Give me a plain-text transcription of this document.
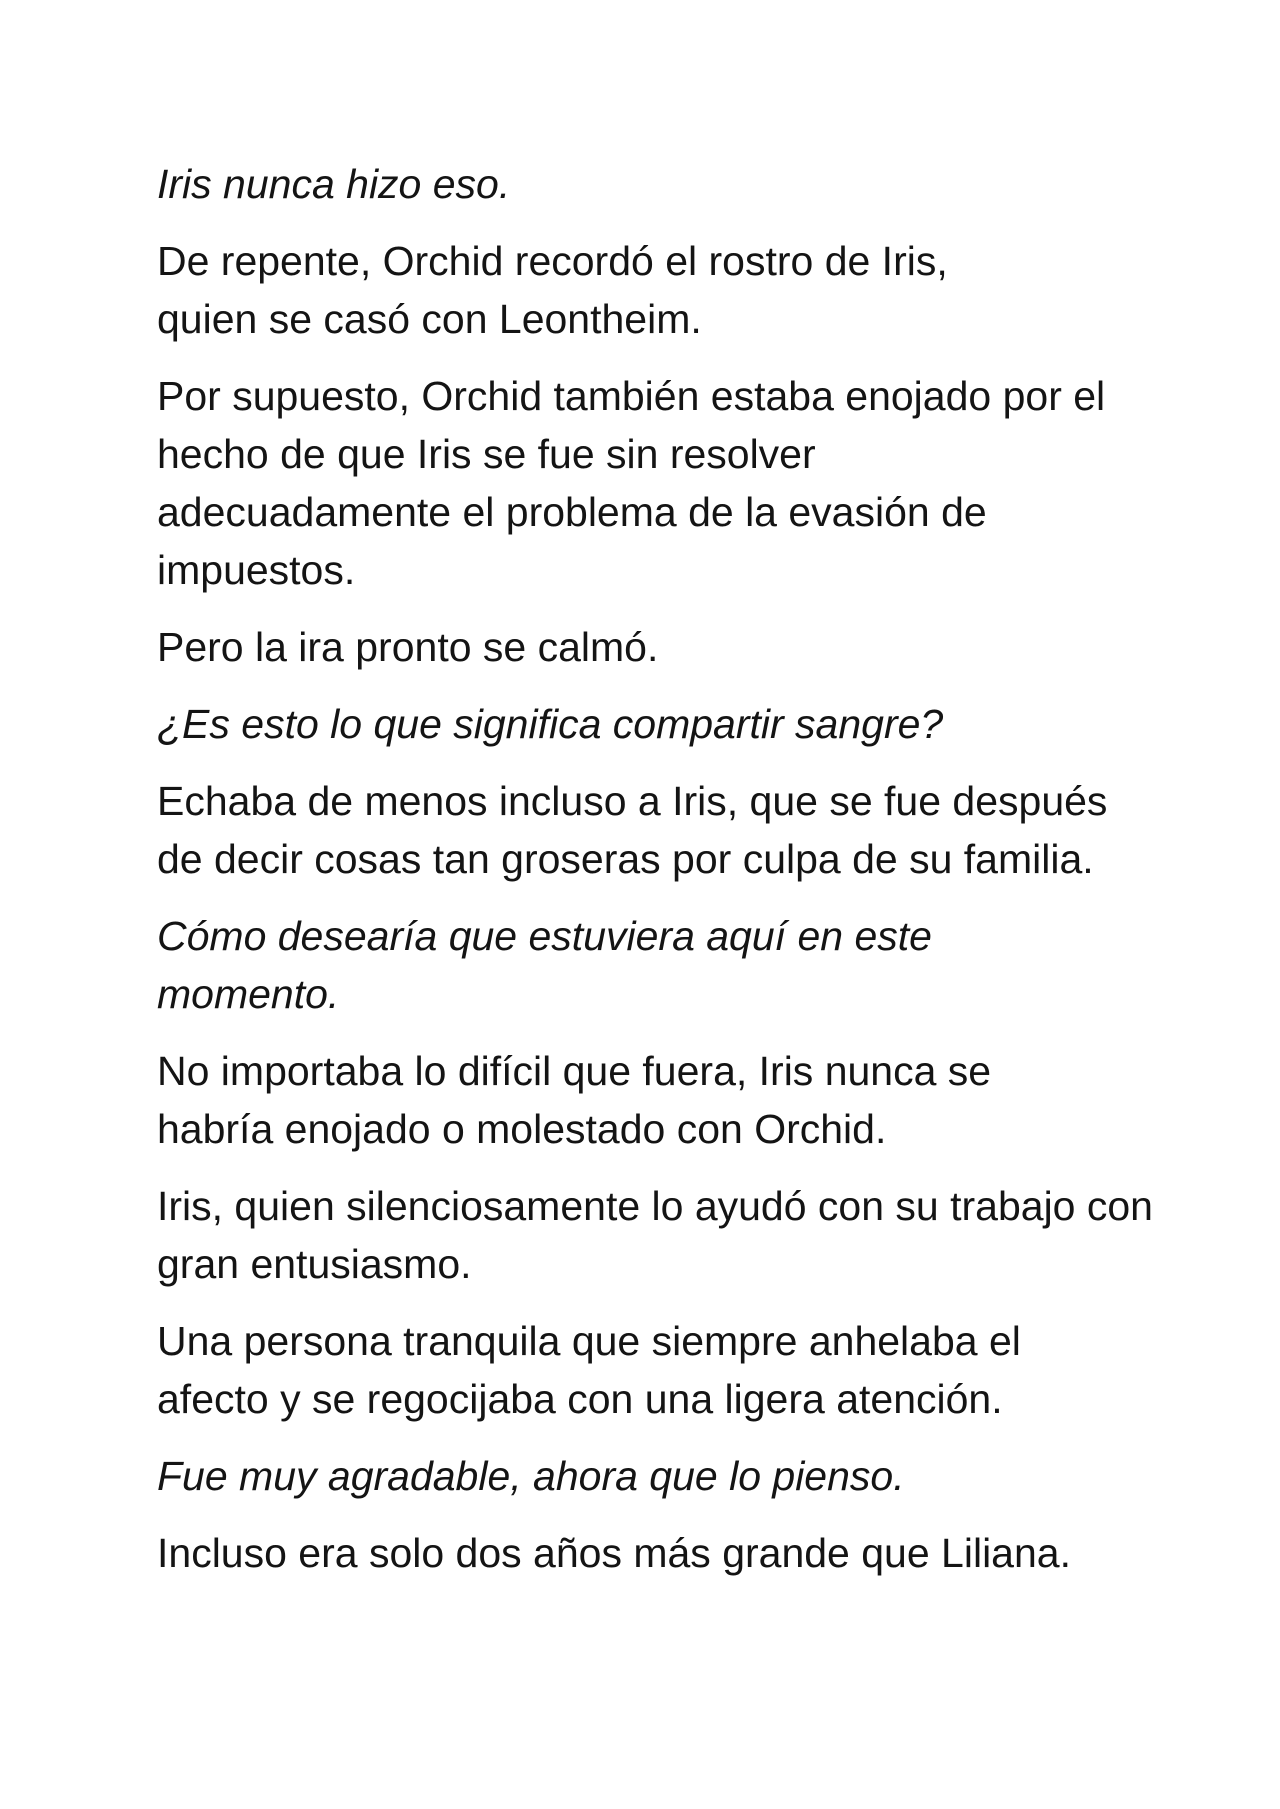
Iris nunca hizo eso.

De repente, Orchid recordó el rostro de Iris, quien se casó con Leontheim.

Por supuesto, Orchid también estaba enojado por el hecho de que Iris se fue sin resolver adecuadamente el problema de la evasión de impuestos.

Pero la ira pronto se calmó.

¿Es esto lo que significa compartir sangre?

Echaba de menos incluso a Iris, que se fue después de decir cosas tan groseras por culpa de su familia.

Cómo desearía que estuviera aquí en este momento.

No importaba lo difícil que fuera, Iris nunca se habría enojado o molestado con Orchid.

Iris, quien silenciosamente lo ayudó con su trabajo con gran entusiasmo.

Una persona tranquila que siempre anhelaba el afecto y se regocijaba con una ligera atención.

Fue muy agradable, ahora que lo pienso.

Incluso era solo dos años más grande que Liliana.
